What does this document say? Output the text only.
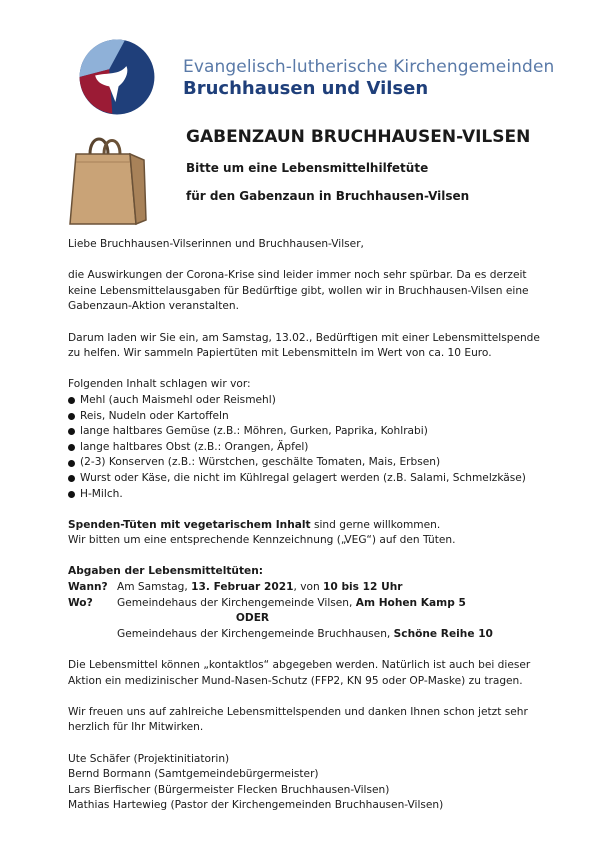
Evangelisch-lutherische Kirchengemeinden
Bruchhausen und Vilsen
GABENZAUN BRUCHHAUSEN-VILSEN
Bitte um eine Lebensmittelhilfetüte
für den Gabenzaun in Bruchhausen-Vilsen

Liebe Bruchhausen-Vilserinnen und Bruchhausen-Vilser,

die Auswirkungen der Corona-Krise sind leider immer noch sehr spürbar. Da es derzeit keine Lebensmittelausgaben für Bedürftige gibt, wollen wir in Bruchhausen-Vilsen eine Gabenzaun-Aktion veranstalten.

Darum laden wir Sie ein, am Samstag, 13.02., Bedürftigen mit einer Lebensmittelspende zu helfen. Wir sammeln Papiertüten mit Lebensmitteln im Wert von ca. 10 Euro.

Folgenden Inhalt schlagen wir vor:

Mehl (auch Maismehl oder Reismehl)
Reis, Nudeln oder Kartoffeln
lange haltbares Gemüse (z.B.: Möhren, Gurken, Paprika, Kohlrabi)
lange haltbares Obst (z.B.: Orangen, Äpfel)
(2-3) Konserven (z.B.: Würstchen, geschälte Tomaten, Mais, Erbsen)
Wurst oder Käse, die nicht im Kühlregal gelagert werden (z.B. Salami, Schmelzkäse)
H-Milch.

Spenden-Tüten mit vegetarischem Inhalt sind gerne willkommen.

Wir bitten um eine entsprechende Kennzeichnung („VEG“) auf den Tüten.

Abgaben der Lebensmitteltüten:

Wann? Am Samstag, 13. Februar 2021, von 10 bis 12 Uhr
Wo?	Gemeindehaus der Kirchengemeinde Vilsen, Am Hohen Kamp 5
ODER
Gemeindehaus der Kirchengemeinde Bruchhausen, Schöne Reihe 10

Die Lebensmittel können „kontaktlos“ abgegeben werden. Natürlich ist auch bei dieser Aktion ein medizinischer Mund-Nasen-Schutz (FFP2, KN 95 oder OP-Maske) zu tragen.

Wir freuen uns auf zahlreiche Lebensmittelspenden und danken Ihnen schon jetzt sehr herzlich für Ihr Mitwirken.

Ute Schäfer (Projektinitiatorin)

Bernd Bormann (Samtgemeindebürgermeister)

Lars Bierfischer (Bürgermeister Flecken Bruchhausen-Vilsen)

Mathias Hartewieg (Pastor der Kirchengemeinden Bruchhausen-Vilsen)
